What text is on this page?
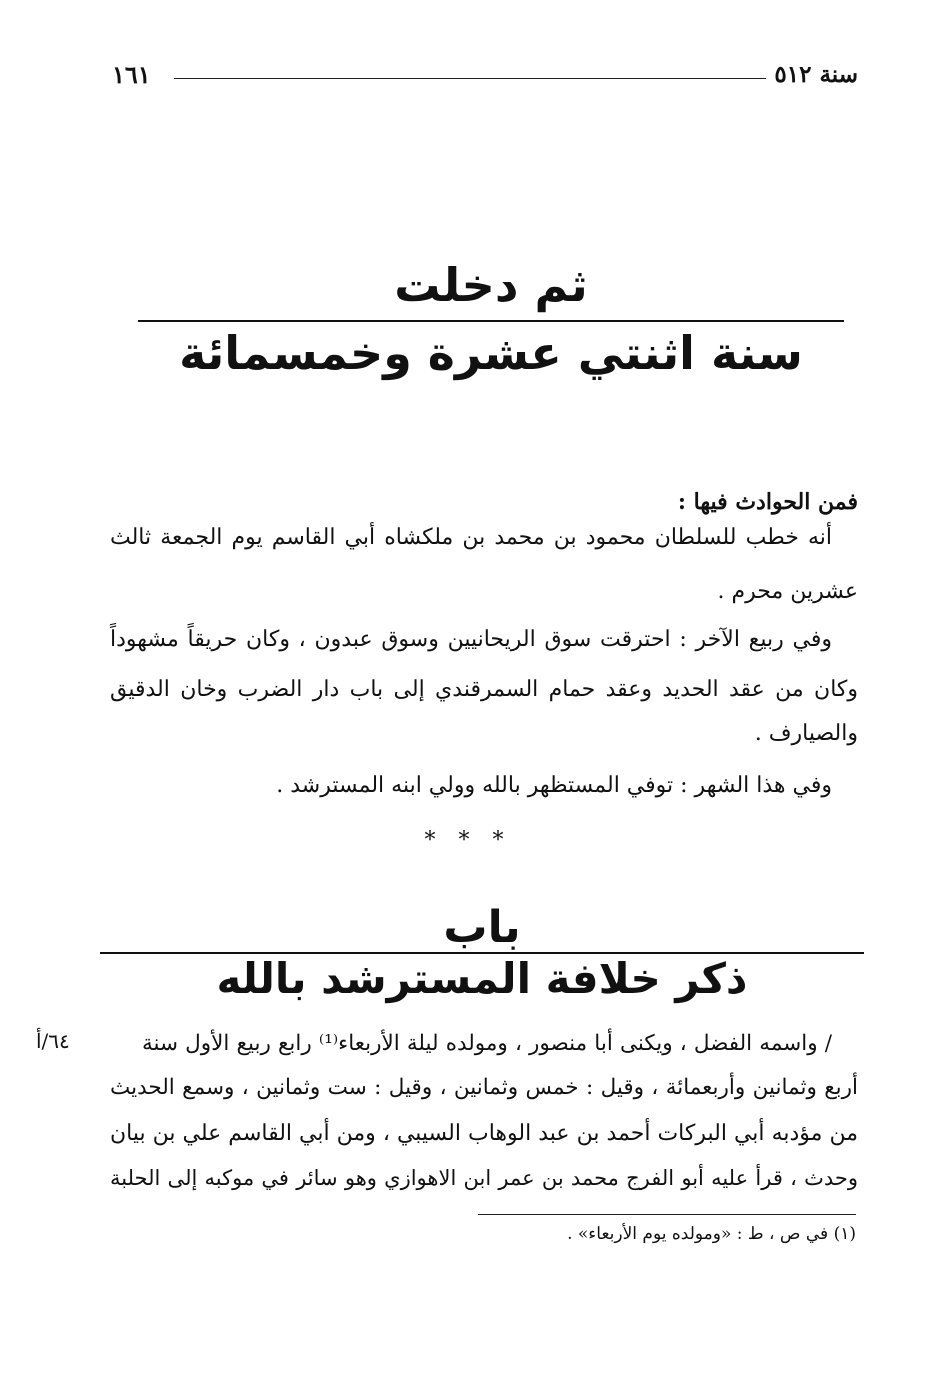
سنة ٥١٢
١٦١
ثم دخلت
سنة اثنتي عشرة وخمسمائة
فمن الحوادث فيها :
أنه خطب للسلطان محمود بن محمد بن ملكشاه أبي القاسم يوم الجمعة ثالث
عشرين محرم .
وفي ربيع الآخر : احترقت سوق الريحانيين وسوق عبدون ، وكان حريقاً مشهوداً
وكان من عقد الحديد وعقد حمام السمرقندي إلى باب دار الضرب وخان الدقيق
والصيارف .
وفي هذا الشهر : توفي المستظهر بالله وولي ابنه المسترشد .
* * *
باب
ذكر خلافة المسترشد بالله
/ واسمه الفضل ، ويكنى أبا منصور ، ومولده ليلة الأربعاء⁽¹⁾ رابع ربيع الأول سنة
٦٤/أ
أربع وثمانين وأربعمائة ، وقيل : خمس وثمانين ، وقيل : ست وثمانين ، وسمع الحديث
من مؤدبه أبي البركات أحمد بن عبد الوهاب السيبي ، ومن أبي القاسم علي بن بيان
وحدث ، قرأ عليه أبو الفرج محمد بن عمر ابن الاهوازي وهو سائر في موكبه إلى الحلبة
(١) في ص ، ط : «ومولده يوم الأربعاء» .
